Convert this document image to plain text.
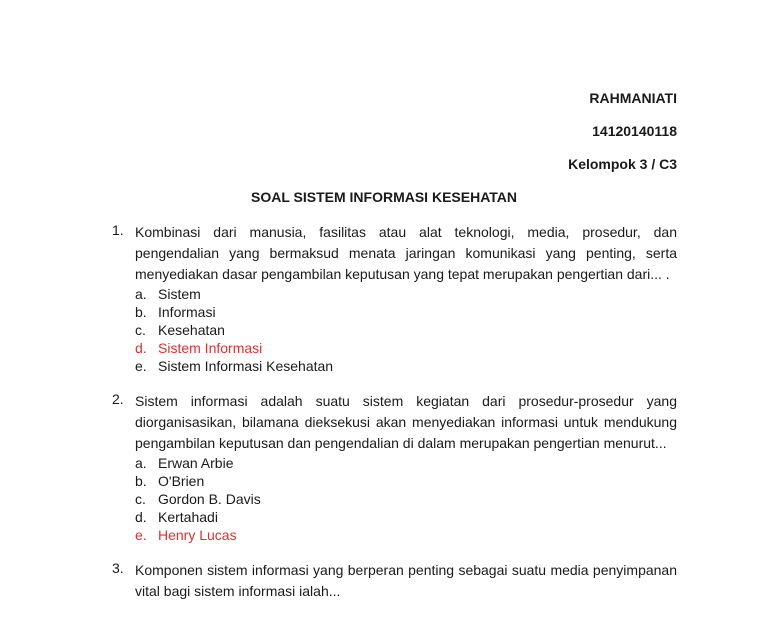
RAHMANIATI
14120140118
Kelompok 3 / C3
SOAL SISTEM INFORMASI KESEHATAN
1. Kombinasi dari manusia, fasilitas atau alat teknologi, media, prosedur, dan pengendalian yang bermaksud menata jaringan komunikasi yang penting, serta menyediakan dasar pengambilan keputusan yang tepat merupakan pengertian dari... .
a. Sistem
b. Informasi
c. Kesehatan
d. Sistem Informasi
e. Sistem Informasi Kesehatan
2. Sistem informasi adalah suatu sistem kegiatan dari prosedur-prosedur yang diorganisasikan, bilamana dieksekusi akan menyediakan informasi untuk mendukung pengambilan keputusan dan pengendalian di dalam merupakan pengertian menurut...
a. Erwan Arbie
b. O'Brien
c. Gordon B. Davis
d. Kertahadi
e. Henry Lucas
3. Komponen sistem informasi yang berperan penting sebagai suatu media penyimpanan vital bagi sistem informasi ialah...
